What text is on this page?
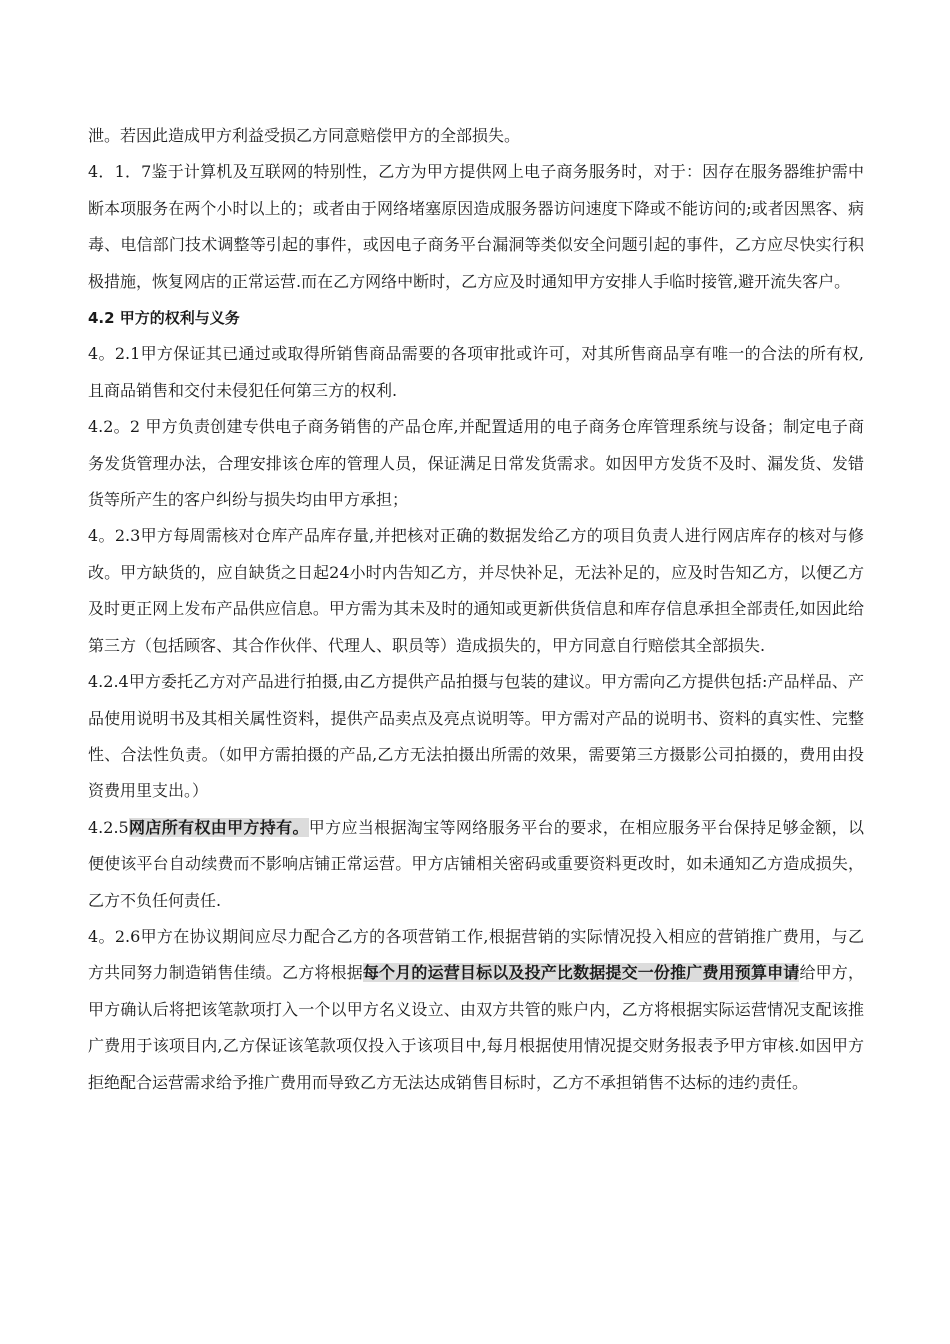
泄。若因此造成甲方利益受损乙方同意赔偿甲方的全部损失。

4．1．7鉴于计算机及互联网的特别性，乙方为甲方提供网上电子商务服务时，对于：因存在服务器维护需中断本项服务在两个小时以上的；或者由于网络堵塞原因造成服务器访问速度下降或不能访问的;或者因黑客、病毒、电信部门技术调整等引起的事件，或因电子商务平台漏洞等类似安全问题引起的事件，乙方应尽快实行积极措施，恢复网店的正常运营.而在乙方网络中断时，乙方应及时通知甲方安排人手临时接管,避开流失客户。

4.2 甲方的权利与义务

4。2.1甲方保证其已通过或取得所销售商品需要的各项审批或许可，对其所售商品享有唯一的合法的所有权,且商品销售和交付未侵犯任何第三方的权利.

4.2。2 甲方负责创建专供电子商务销售的产品仓库,并配置适用的电子商务仓库管理系统与设备；制定电子商务发货管理办法，合理安排该仓库的管理人员，保证满足日常发货需求。如因甲方发货不及时、漏发货、发错货等所产生的客户纠纷与损失均由甲方承担；

4。2.3甲方每周需核对仓库产品库存量,并把核对正确的数据发给乙方的项目负责人进行网店库存的核对与修改。甲方缺货的，应自缺货之日起24小时内告知乙方，并尽快补足，无法补足的，应及时告知乙方，以便乙方及时更正网上发布产品供应信息。甲方需为其未及时的通知或更新供货信息和库存信息承担全部责任,如因此给第三方（包括顾客、其合作伙伴、代理人、职员等）造成损失的，甲方同意自行赔偿其全部损失.

4.2.4甲方委托乙方对产品进行拍摄,由乙方提供产品拍摄与包装的建议。甲方需向乙方提供包括:产品样品、产品使用说明书及其相关属性资料，提供产品卖点及亮点说明等。甲方需对产品的说明书、资料的真实性、完整性、合法性负责。（如甲方需拍摄的产品,乙方无法拍摄出所需的效果，需要第三方摄影公司拍摄的，费用由投资费用里支出。）

4.2.5网店所有权由甲方持有。甲方应当根据淘宝等网络服务平台的要求，在相应服务平台保持足够金额，以便使该平台自动续费而不影响店铺正常运营。甲方店铺相关密码或重要资料更改时，如未通知乙方造成损失，乙方不负任何责任.

4。2.6甲方在协议期间应尽力配合乙方的各项营销工作,根据营销的实际情况投入相应的营销推广费用，与乙方共同努力制造销售佳绩。乙方将根据每个月的运营目标以及投产比数据提交一份推广费用预算申请给甲方，甲方确认后将把该笔款项打入一个以甲方名义设立、由双方共管的账户内，乙方将根据实际运营情况支配该推广费用于该项目内,乙方保证该笔款项仅投入于该项目中,每月根据使用情况提交财务报表予甲方审核.如因甲方拒绝配合运营需求给予推广费用而导致乙方无法达成销售目标时，乙方不承担销售不达标的违约责任。
